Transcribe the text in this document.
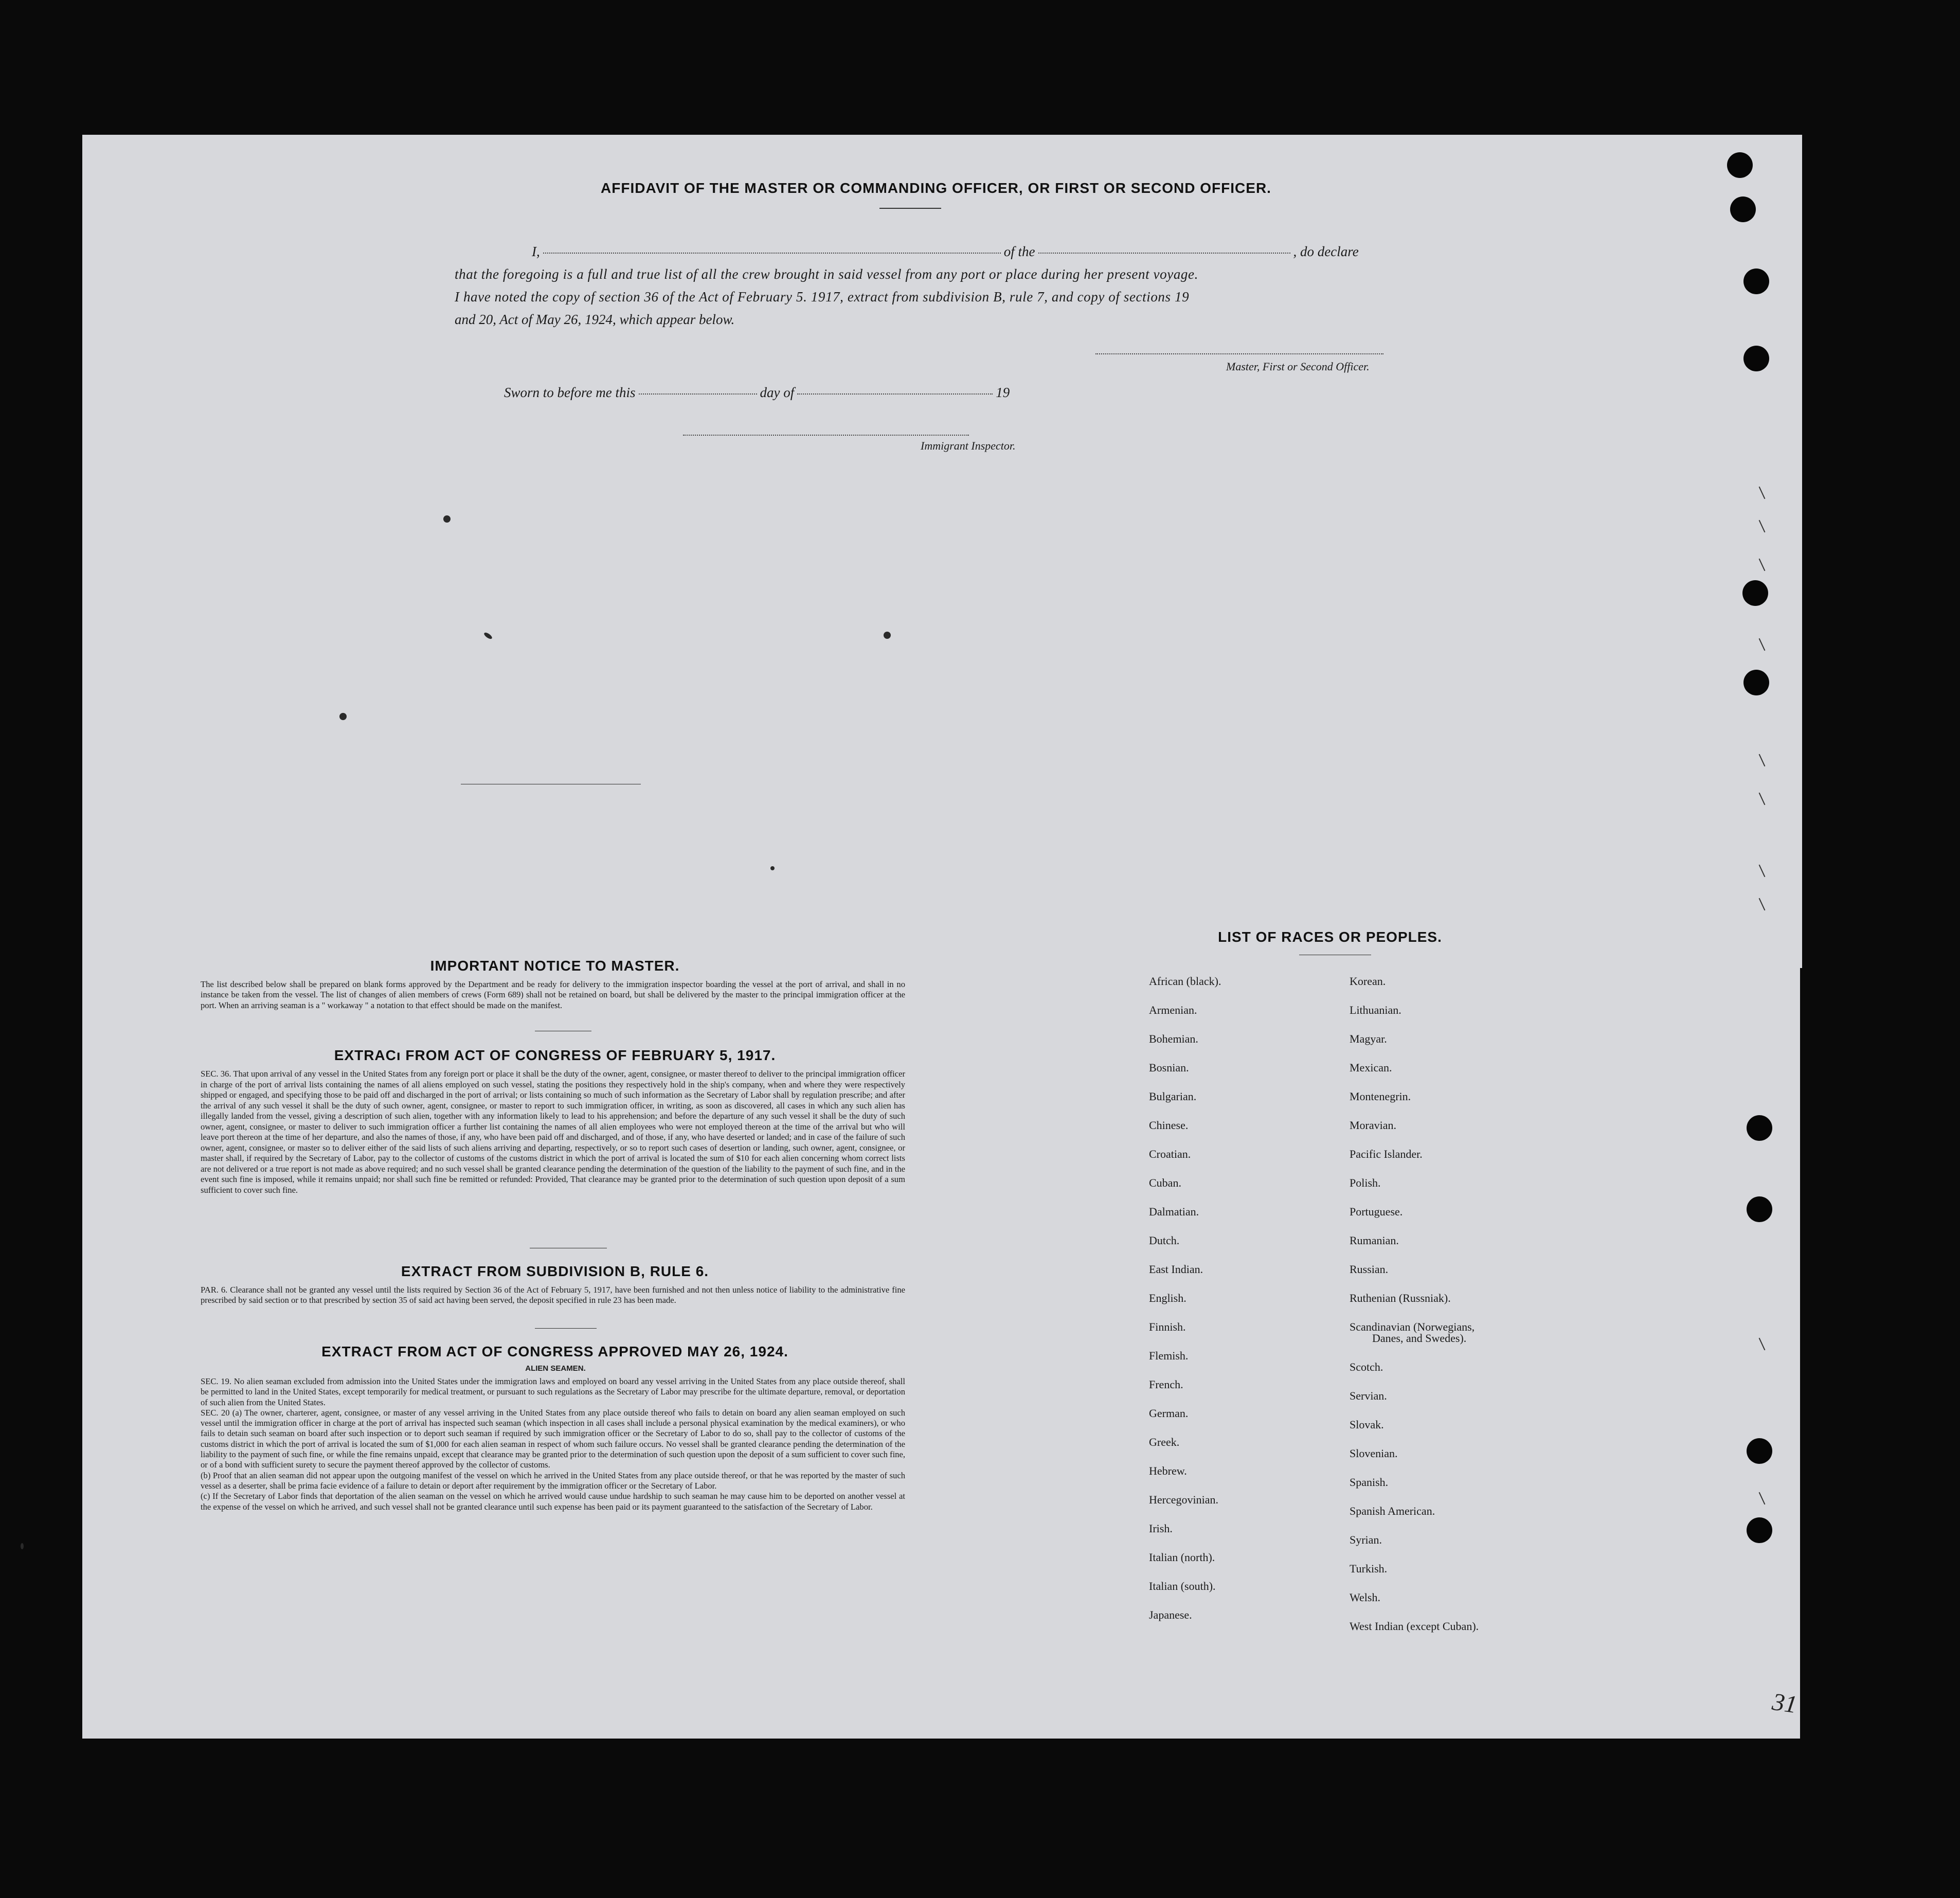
AFFIDAVIT OF THE MASTER OR COMMANDING OFFICER, OR FIRST OR SECOND OFFICER.
I,	of the	, do declare
that the foregoing is a full and true list of all the crew brought in said vessel from any port or place during her present voyage.
I have noted the copy of section 36 of the Act of February 5. 1917, extract from subdivision B, rule 7, and copy of sections 19
and 20, Act of May 26, 1924, which appear below.
Master, First or Second Officer.
Sworn to before me this	day of	19
Immigrant Inspector.
IMPORTANT NOTICE TO MASTER.
The list described below shall be prepared on blank forms approved by the Department and be ready for delivery to the immigration inspector boarding the vessel at the port of arrival, and shall in no instance be taken from the vessel. The list of changes of alien members of crews (Form 689) shall not be retained on board, but shall be delivered by the master to the principal immigration officer at the port. When an arriving seaman is a " workaway " a notation to that effect should be made on the manifest.
EXTRACı FROM ACT OF CONGRESS OF FEBRUARY 5, 1917.
SEC. 36. That upon arrival of any vessel in the United States from any foreign port or place it shall be the duty of the owner, agent, consignee, or master thereof to deliver to the principal immigration officer in charge of the port of arrival lists containing the names of all aliens employed on such vessel, stating the positions they respectively hold in the ship's company, when and where they were respectively shipped or engaged, and specifying those to be paid off and discharged in the port of arrival; or lists containing so much of such information as the Secretary of Labor shall by regulation prescribe; and after the arrival of any such vessel it shall be the duty of such owner, agent, consignee, or master to report to such immigration officer, in writing, as soon as discovered, all cases in which any such alien has illegally landed from the vessel, giving a description of such alien, together with any information likely to lead to his apprehension; and before the departure of any such vessel it shall be the duty of such owner, agent, consignee, or master to deliver to such immigration officer a further list containing the names of all alien employees who were not employed thereon at the time of the arrival but who will leave port thereon at the time of her departure, and also the names of those, if any, who have been paid off and discharged, and of those, if any, who have deserted or landed; and in case of the failure of such owner, agent, consignee, or master so to deliver either of the said lists of such aliens arriving and departing, respectively, or so to report such cases of desertion or landing, such owner, agent, consignee, or master shall, if required by the Secretary of Labor, pay to the collector of customs of the customs district in which the port of arrival is located the sum of $10 for each alien concerning whom correct lists are not delivered or a true report is not made as above required; and no such vessel shall be granted clearance pending the determination of the question of the liability to the payment of such fine, and in the event such fine is imposed, while it remains unpaid; nor shall such fine be remitted or refunded: Provided, That clearance may be granted prior to the determination of such question upon deposit of a sum sufficient to cover such fine.
EXTRACT FROM SUBDIVISION B, RULE 6.
PAR. 6. Clearance shall not be granted any vessel until the lists required by Section 36 of the Act of February 5, 1917, have been furnished and not then unless notice of liability to the administrative fine prescribed by said section or to that prescribed by section 35 of said act having been served, the deposit specified in rule 23 has been made.
EXTRACT FROM ACT OF CONGRESS APPROVED MAY 26, 1924.
ALIEN SEAMEN.

SEC. 19. No alien seaman excluded from admission into the United States under the immigration laws and employed on board any vessel arriving in the United States from any place outside thereof, shall be permitted to land in the United States, except temporarily for medical treatment, or pursuant to such regulations as the Secretary of Labor may prescribe for the ultimate departure, removal, or deportation of such alien from the United States.

SEC. 20 (a) The owner, charterer, agent, consignee, or master of any vessel arriving in the United States from any place outside thereof who fails to detain on board any alien seaman employed on such vessel until the immigration officer in charge at the port of arrival has inspected such seaman (which inspection in all cases shall include a personal physical examination by the medical examiners), or who fails to detain such seaman on board after such inspection or to deport such seaman if required by such immigration officer or the Secretary of Labor to do so, shall pay to the collector of customs of the customs district in which the port of arrival is located the sum of $1,000 for each alien seaman in respect of whom such failure occurs. No vessel shall be granted clearance pending the determination of the liability to the payment of such fine, or while the fine remains unpaid, except that clearance may be granted prior to the determination of such question upon the deposit of a sum sufficient to cover such fine, or of a bond with sufficient surety to secure the payment thereof approved by the collector of customs.

(b) Proof that an alien seaman did not appear upon the outgoing manifest of the vessel on which he arrived in the United States from any place outside thereof, or that he was reported by the master of such vessel as a deserter, shall be prima facie evidence of a failure to detain or deport after requirement by the immigration officer or the Secretary of Labor.

(c) If the Secretary of Labor finds that deportation of the alien seaman on the vessel on which he arrived would cause undue hardship to such seaman he may cause him to be deported on another vessel at the expense of the vessel on which he arrived, and such vessel shall not be granted clearance until such expense has been paid or its payment guaranteed to the satisfaction of the Secretary of Labor.

LIST OF RACES OR PEOPLES.
African (black).
Armenian.
Bohemian.
Bosnian.
Bulgarian.
Chinese.
Croatian.
Cuban.
Dalmatian.
Dutch.
East Indian.
English.
Finnish.
Flemish.
French.
German.
Greek.
Hebrew.
Hercegovinian.
Irish.
Italian (north).
Italian (south).
Japanese.
Korean.
Lithuanian.
Magyar.
Mexican.
Montenegrin.
Moravian.
Pacific Islander.
Polish.
Portuguese.
Rumanian.
Russian.
Ruthenian (Russniak).
Scandinavian (Norwegians,
Danes, and Swedes).
Scotch.
Servian.
Slovak.
Slovenian.
Spanish.
Spanish American.
Syrian.
Turkish.
Welsh.
West Indian (except Cuban).
31
